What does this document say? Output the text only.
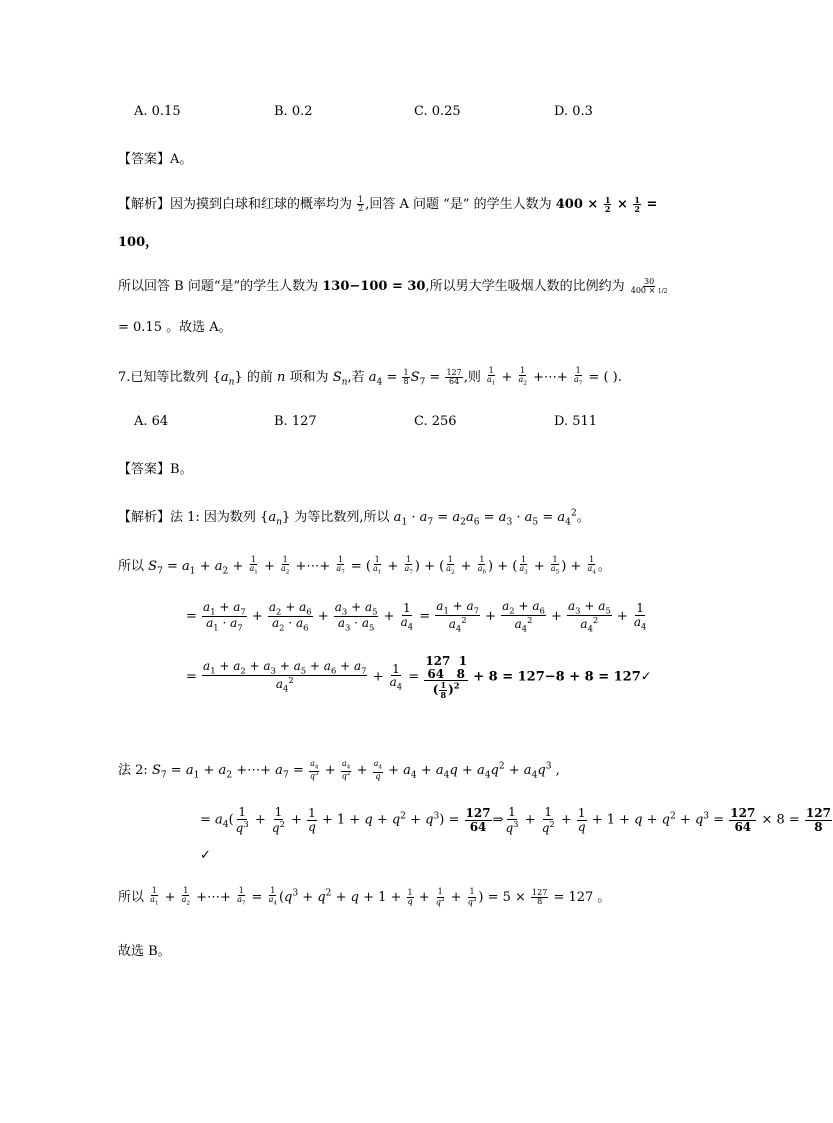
A. 0.15	B. 0.2	C. 0.25	D. 0.3
【答案】A。
【解析】因为摸到白球和红球的概率均为 $\frac{1}{2}$ ,回答 A 问题 “是” 的学生人数为 $400 \times \frac{1}{2} \times \frac{1}{2}$ =
100，
所以回答 B 问题“是”的学生人数为 130−100 = 30,所以男大学生吸烟人数的比例约为 $\frac{30}{400 \times 1/2}$
= 0.15 。故选 A。
7.已知等比数列 $\{a_n\}$ 的前 n 项和为 $S_n$,若 $a_4 = \frac{1}{8} S_7 = \frac{127}{64}$ ,则 $\frac{1}{a_1} + \frac{1}{a_2}$ +⋯+ $\frac{1}{a_7}$ = ( ).
A. 64	B. 127	C. 256	D. 511
【答案】B。
【解析】法 1: 因为数列 $\{a_n\}$ 为等比数列,所以 $a_1 \cdot a_7 = a_2a_6 = a_3 \cdot a_5 = a_4^2$。
所以 $S_7 = a_1 + a_2 + \frac{1}{a_1} + \frac{1}{a_2}$ +⋯+ $\frac{1}{a_7}$ = ( $\frac{1}{a_1} + \frac{1}{a_7}$ ) + ( $\frac{1}{a_2} + \frac{1}{a_6}$ ) + ( $\frac{1}{a_3} + \frac{1}{a_5}$ ) + $\frac{1}{a_4}$ 。
= $\frac{a_1 + a_7}{a_1 \cdot a_7} + \frac{a_2 + a_6}{a_2 \cdot a_6} + \frac{a_3 + a_5}{a_3 \cdot a_5} + \frac{1}{a_4} = \frac{a_1 + a_7}{a_4^2} + \frac{a_2 + a_6}{a_4^2} + \frac{a_3 + a_5}{a_4^2} + \frac{1}{a_4}$
= $\frac{a_1 + a_2 + a_3 + a_5 + a_6 + a_7}{a_4^2} + \frac{1}{a_4}$ =
127  1
64   8
( $\frac{1}{8} )^2$
+ 8 = 127−8 + 8 = 127✓
法 2: $S_7 = a_1 + a_2$ +⋯+ $a_7 = \frac{a_4}{q^3} + \frac{a_4}{q^2} + \frac{a_4}{q} + a_4 + a_4q + a_4q^2 + a_4q^3$ ,
= $a_4( \frac{1}{q^3} + \frac{1}{q^2} + \frac{1}{q} + 1 + q + q^2 + q^3) = \frac{127}{64}$ ⇒ $\frac{1}{q^3} + \frac{1}{q^2} + \frac{1}{q} + 1 + q + q^2 + q^3 = \frac{127}{64} \times 8 = \frac{127}{8}$
✓
所以 $\frac{1}{a_1} + \frac{1}{a_2}$ +⋯+ $\frac{1}{a_7} = \frac{1}{a_4} (q^3 + q^2 + q + 1 + \frac{1}{q} + \frac{1}{q^2} + \frac{1}{q^3}$ ) = $5 \times \frac{127}{8} = 127$ 。
故选 B。
